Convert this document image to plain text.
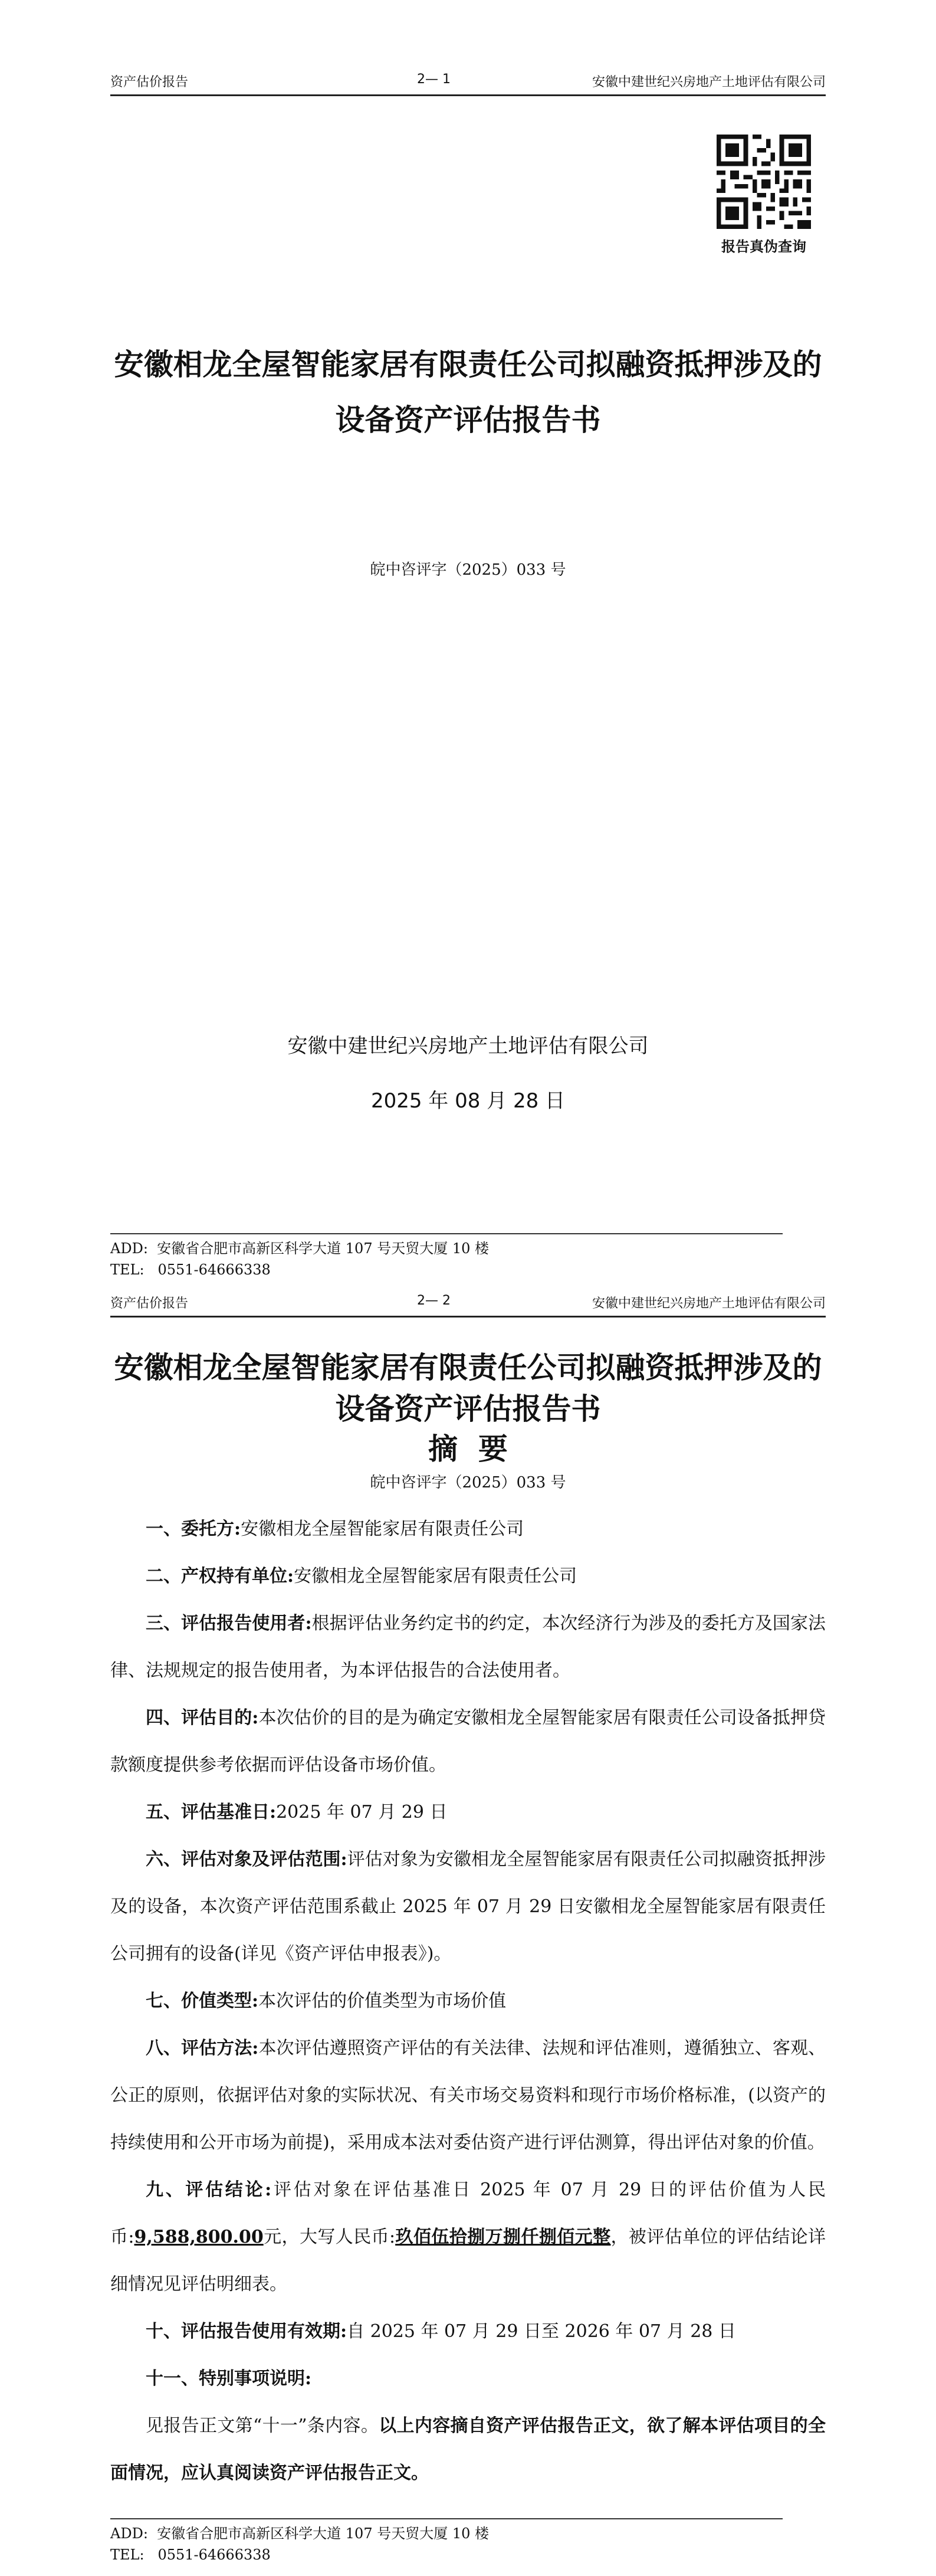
资产估价报告	2— 1	安徽中建世纪兴房地产土地评估有限公司
报告真伪查询
安徽相龙全屋智能家居有限责任公司拟融资抵押涉及的
设备资产评估报告书
皖中咨评字（2025）033 号
安徽中建世纪兴房地产土地评估有限公司
2025 年 08 月 28 日
ADD:  安徽省合肥市高新区科学大道 107 号天贸大厦 10 楼
TEL:   0551-64666338
资产估价报告	2— 2	安徽中建世纪兴房地产土地评估有限公司
安徽相龙全屋智能家居有限责任公司拟融资抵押涉及的
设备资产评估报告书
摘  要
皖中咨评字（2025）033 号

一、委托方:安徽相龙全屋智能家居有限责任公司

二、产权持有单位:安徽相龙全屋智能家居有限责任公司

三、评估报告使用者:根据评估业务约定书的约定，本次经济行为涉及的委托方及国家法律、法规规定的报告使用者，为本评估报告的合法使用者。

四、评估目的:本次估价的目的是为确定安徽相龙全屋智能家居有限责任公司设备抵押贷款额度提供参考依据而评估设备市场价值。

五、评估基准日:2025 年 07 月 29 日

六、评估对象及评估范围:评估对象为安徽相龙全屋智能家居有限责任公司拟融资抵押涉及的设备，本次资产评估范围系截止 2025 年 07 月 29 日安徽相龙全屋智能家居有限责任公司拥有的设备(详见《资产评估申报表》)。

七、价值类型:本次评估的价值类型为市场价值

八、评估方法:本次评估遵照资产评估的有关法律、法规和评估准则，遵循独立、客观、公正的原则，依据评估对象的实际状况、有关市场交易资料和现行市场价格标准，(以资产的持续使用和公开市场为前提)，采用成本法对委估资产进行评估测算，得出评估对象的价值。

九、评估结论:评估对象在评估基准日 2025 年 07 月 29 日的评估价值为人民币:9,588,800.00元，大写人民币:玖佰伍拾捌万捌仟捌佰元整，被评估单位的评估结论详细情况见评估明细表。

十、评估报告使用有效期:自 2025 年 07 月 29 日至 2026 年 07 月 28 日

十一、特别事项说明:

见报告正文第“十一”条内容。以上内容摘自资产评估报告正文，欲了解本评估项目的全面情况，应认真阅读资产评估报告正文。

ADD:  安徽省合肥市高新区科学大道 107 号天贸大厦 10 楼
TEL:   0551-64666338
